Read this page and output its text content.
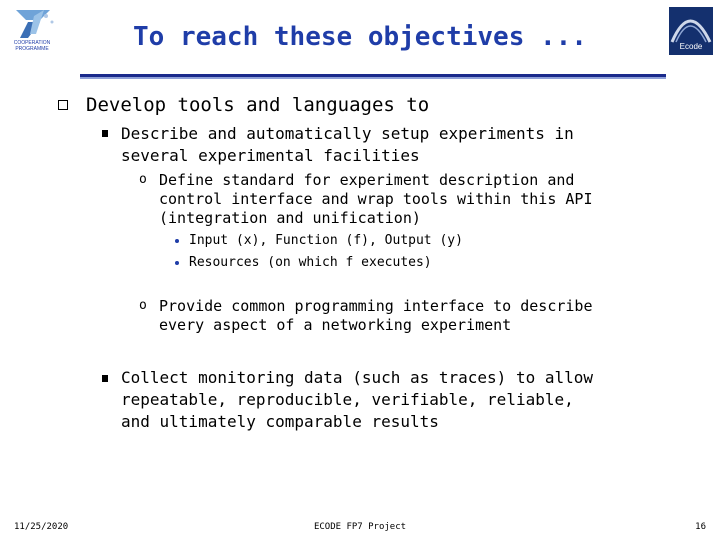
COOPERATION PROGRAMME	Ecode
To reach these objectives ...
Develop tools and languages to
Describe and automatically setup experiments in
several experimental facilities
o Define standard for experiment description and
control interface and wrap tools within this API
(integration and unification)
Input (x), Function (f), Output (y)
Resources (on which f executes)
o Provide common programming interface to describe
every aspect of a networking experiment
Collect monitoring data (such as traces) to allow
repeatable, reproducible, verifiable, reliable,
and ultimately comparable results
11/25/2020	ECODE FP7 Project	16
